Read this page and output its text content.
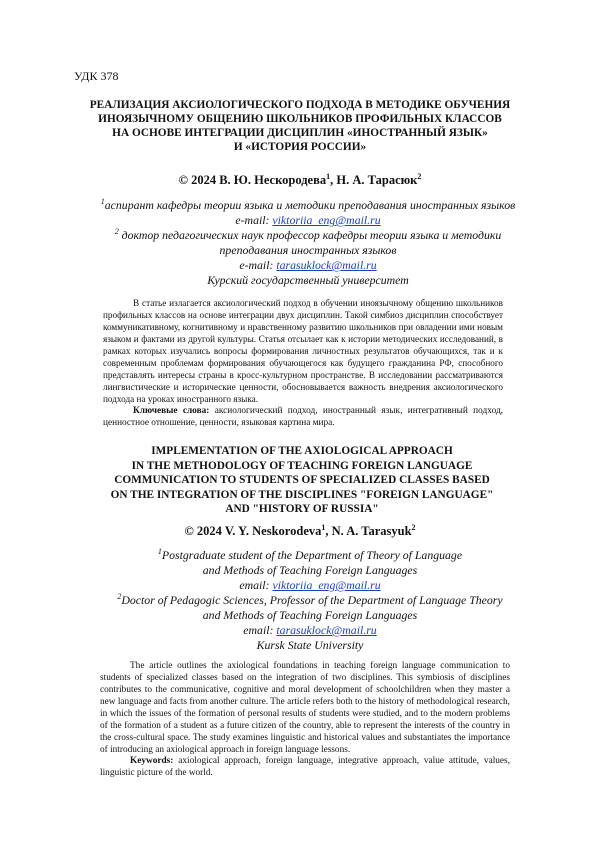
УДК 378
РЕАЛИЗАЦИЯ АКСИОЛОГИЧЕСКОГО ПОДХОДА В МЕТОДИКЕ ОБУЧЕНИЯ
ИНОЯЗЫЧНОМУ ОБЩЕНИЮ ШКОЛЬНИКОВ ПРОФИЛЬНЫХ КЛАССОВ
НА ОСНОВЕ ИНТЕГРАЦИИ ДИСЦИПЛИН «ИНОСТРАННЫЙ ЯЗЫК»
И «ИСТОРИЯ РОССИИ»
© 2024 В. Ю. Нескородева$^1$, Н. А. Тарасюк$^2$
$^1$аспирант кафедры теории языка и методики преподавания иностранных языков
e-mail: viktoriia_eng@mail.ru
$^2$ доктор педагогических наук профессор кафедры теории языка и методики
преподавания иностранных языков
e-mail: tarasuklock@mail.ru
Курский государственный университет
В статье излагается аксиологический подход в обучении иноязычному общению школьников профильных классов на основе интеграции двух дисциплин. Такой симбиоз дисциплин способствует коммуникативному, когнитивному и нравственному развитию школьников при овладении ими новым языком и фактами из другой культуры. Статья отсылает как к истории методических исследований, в рамках которых изучались вопросы формирования личностных результатов обучающихся, так и к современным проблемам формирования обучающегося как будущего гражданина РФ, способного представлять интересы страны в кросс-культурном пространстве. В исследовании рассматриваются лингвистические и исторические ценности, обосновывается важность внедрения аксиологического подхода на уроках иностранного языка.
Ключевые слова: аксиологический подход, иностранный язык, интегративный подход, ценностное отношение, ценности, языковая картина мира.
IMPLEMENTATION OF THE AXIOLOGICAL APPROACH
IN THE METHODOLOGY OF TEACHING FOREIGN LANGUAGE
COMMUNICATION TO STUDENTS OF SPECIALIZED CLASSES BASED
ON THE INTEGRATION OF THE DISCIPLINES "FOREIGN LANGUAGE"
AND "HISTORY OF RUSSIA"
© 2024 V. Y. Neskorodeva$^1$, N. A. Tarasyuk$^2$
$^1$Postgraduate student of the Department of Theory of Language
and Methods of Teaching Foreign Languages
email: viktoriia_eng@mail.ru
$^2$Doctor of Pedagogic Sciences, Professor of the Department of Language Theory
and Methods of Teaching Foreign Languages
email: tarasuklock@mail.ru
Kursk State University
The article outlines the axiological foundations in teaching foreign language communication to students of specialized classes based on the integration of two disciplines. This symbiosis of disciplines contributes to the communicative, cognitive and moral development of schoolchildren when they master a new language and facts from another culture. The article refers both to the history of methodological research, in which the issues of the formation of personal results of students were studied, and to the modern problems of the formation of a student as a future citizen of the country, able to represent the interests of the country in the cross-cultural space. The study examines linguistic and historical values and substantiates the importance of introducing an axiological approach in foreign language lessons.
Keywords: axiological approach, foreign language, integrative approach, value attitude, values, linguistic picture of the world.
